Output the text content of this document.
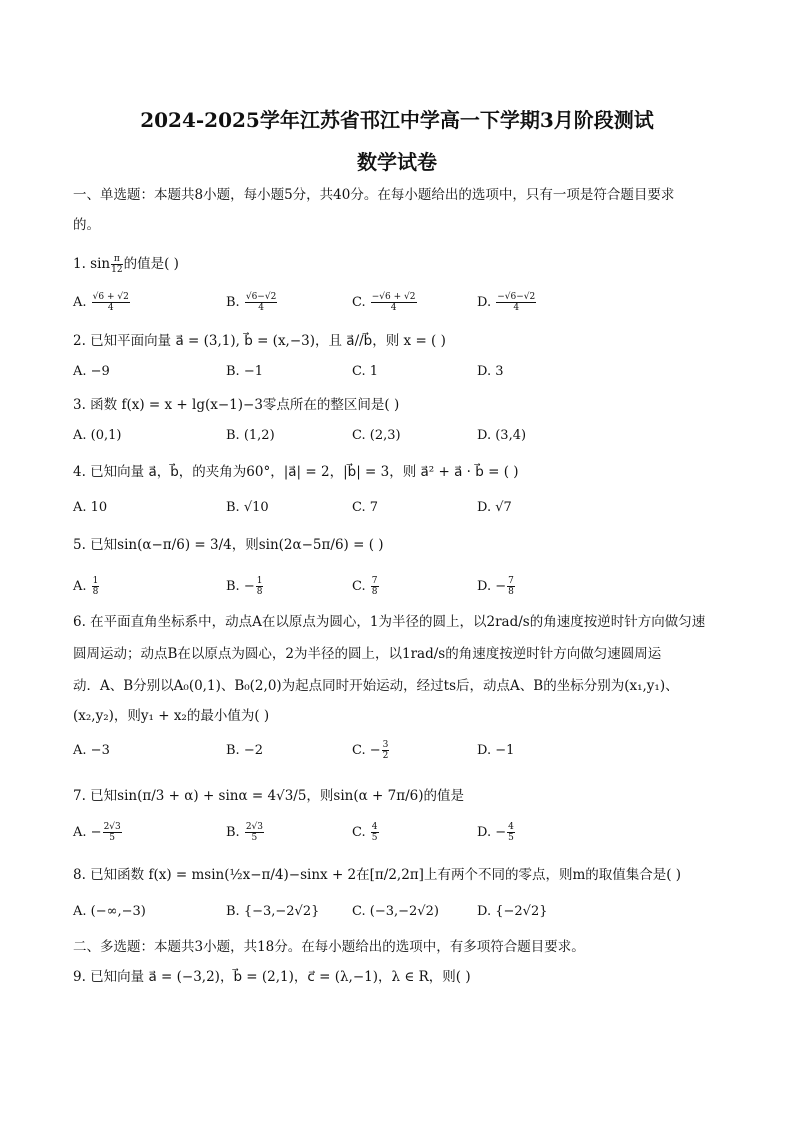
2024-2025学年江苏省邗江中学高一下学期3月阶段测试
数学试卷
一、单选题：本题共8小题，每小题5分，共40分。在每小题给出的选项中，只有一项是符合题目要求
的。
1. $\sin \frac{\pi}{12}$ 的值是( )
A. $\frac{√6 + √2}{4}$	B. $\frac{√6-√2}{4}$	C. $\frac{-√6 + √2}{4}$	D. $\frac{-√6-√2}{4}$
2. 已知平面向量 a⃗ = (3,1), b⃗ = (x,−3)，且 a⃗//b⃗，则 x = ( )
A. −9	B. −1	C. 1	D. 3
3. 函数 f(x) = x + lg(x−1)−3零点所在的整区间是( )
A. (0,1)	B. (1,2)	C. (2,3)	D. (3,4)
4. 已知向量 a⃗，b⃗，的夹角为60°，|a⃗| = 2，|b⃗| = 3，则 a⃗² + a⃗ · b⃗ = ( )
A. 10	B. √10	C. 7	D. √7
5. 已知sin(α−π/6) = 3/4，则sin(2α−5π/6) = ( )
A. $\frac{1}{8}$	B. − $\frac{1}{8}$	C. $\frac{7}{8}$	D. − $\frac{7}{8}$
6. 在平面直角坐标系中，动点A在以原点为圆心，1为半径的圆上，以2rad/s的角速度按逆时针方向做匀速
圆周运动；动点B在以原点为圆心，2为半径的圆上，以1rad/s的角速度按逆时针方向做匀速圆周运
动．A、B分别以A₀(0,1)、B₀(2,0)为起点同时开始运动，经过ts后，动点A、B的坐标分别为(x₁,y₁)、
(x₂,y₂)，则y₁ + x₂的最小值为( )
A. −3	B. −2	C. − $\frac{3}{2}$	D. −1
7. 已知sin(π/3 + α) + sinα = 4√3/5，则sin(α + 7π/6)的值是
A. − $\frac{2√3}{5}$	B. $\frac{2√3}{5}$	C. $\frac{4}{5}$	D. − $\frac{4}{5}$
8. 已知函数 f(x) = msin(½x−π/4)−sinx + 2在[π/2,2π]上有两个不同的零点，则m的取值集合是( )
A. (−∞,−3)	B. {−3,−2√2}	C. (−3,−2√2)	D. {−2√2}
二、多选题：本题共3小题，共18分。在每小题给出的选项中，有多项符合题目要求。
9. 已知向量 a⃗ = (−3,2)，b⃗ = (2,1)，c⃗ = (λ,−1)，λ ∈ R，则( )
